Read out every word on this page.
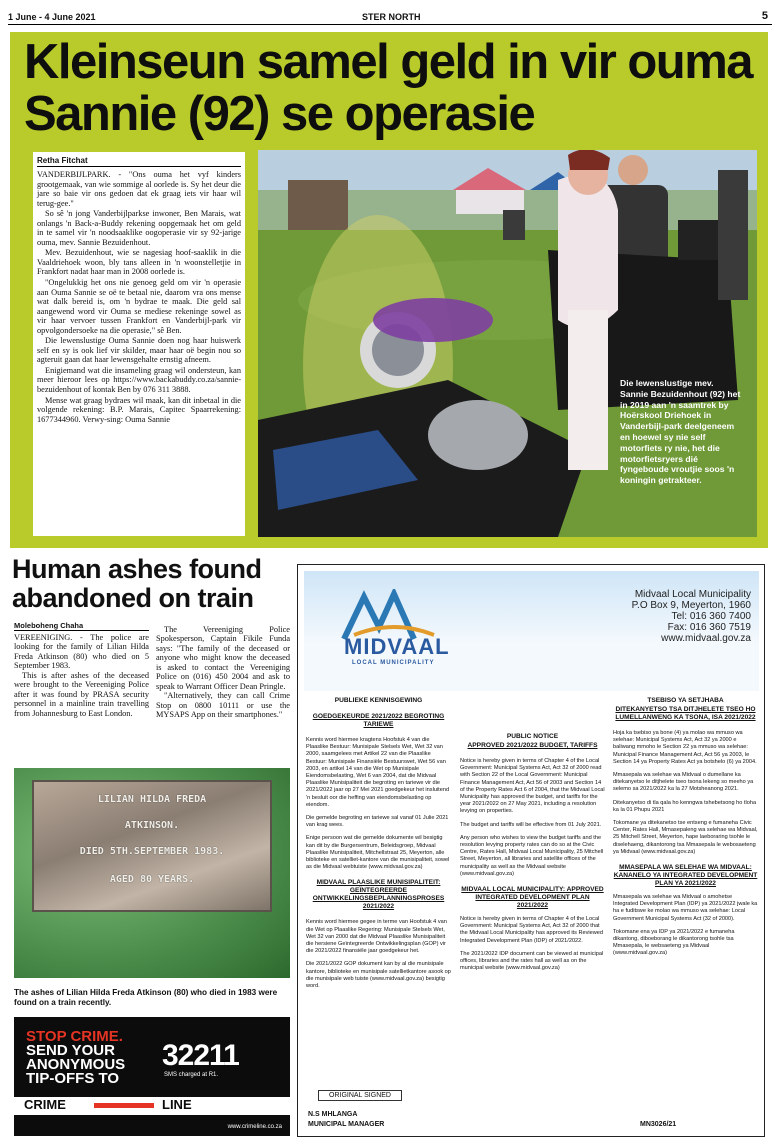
1 June - 4 June 2021	STER NORTH	5
Kleinseun samel geld in vir ouma Sannie (92) se operasie
Retha Fitchat

VANDERBIJLPARK. - "Ons ouma het vyf kinders grootgemaak, van wie sommige al oorlede is. Sy het deur die jare so baie vir ons gedoen dat ek graag iets vir haar wil terug-gee."

So sê 'n jong Vanderbijlparkse inwoner, Ben Marais, wat onlangs 'n Back-a-Buddy rekening oopgemaak het om geld in te samel vir 'n noodsaaklike oogoperasie vir sy 92-jarige ouma, mev. Sannie Bezuidenhout.

Mev. Bezuidenhout, wie se nagesiag hoof-saaklik in die Vaaldriehoek woon, bly tans alleen in 'n woonstelletjie in Frankfort nadat haar man in 2008 oorlede is.

"Ongelukkig het ons nie genoeg geld om vir 'n operasie aan Ouma Sannie se oë te betaal nie, daarom vra ons mense wat dalk bereid is, om 'n bydrae te maak. Die geld sal aangewend word vir Ouma se mediese rekeninge sowel as vir haar vervoer tussen Frankfort en Vanderbijl-park vir opvolgondersoeke na die operasie," sê Ben.

Die lewenslustige Ouma Sannie doen nog haar huiswerk self en sy is ook lief vir skilder, maar haar oë begin nou so agteruit gaan dat haar lewensgehalte ernstig afneem.

Enigiemand wat die insameling graag wil ondersteun, kan meer hieroor lees op https://www.backabuddy.co.za/sannie-bezuidenhout of kontak Ben by 076 311 3888.

Mense wat graag bydraes wil maak, kan dit inbetaal in die volgende rekening: B.P. Marais, Capitec Spaarrekening: 1677344960. Verwy-sing: Ouma Sannie

Die lewenslustige mev. Sannie Bezuidenhout (92) het in 2019 aan 'n saamtrek by Hoërskool Driehoek in Vanderbijl-park deelgeneem en hoewel sy nie self motorfiets ry nie, het die motorfietsryers dié fyngeboude vroutjie soos 'n koningin getrakteer.
Human ashes found abandoned on train
Moleboheng Chaha

VEREENIGING. - The police are looking for the family of Lilian Hilda Freda Atkinson (80) who died on 5 September 1983.

This is after ashes of the deceased were brought to the Vereeniging Police after it was found by PRASA security personnel in a mainline train travelling from Johannesburg to East London.

The Vereeniging Police Spokesperson, Captain Fikile Funda says: "The family of the deceased or anyone who might know the deceased is asked to contact the Vereeniging Police on (016) 450 2004 and ask to speak to Warrant Officer Dean Pringle.

"Alternatively, they can call Crime Stop on 0800 10111 or use the MYSAPS App on their smartphones."

LILIAN HILDA FREDA
ATKINSON.
DIED 5TH.SEPTEMBER 1983.
AGED 80 YEARS.
The ashes of Lilian Hilda Freda Atkinson (80) who died in 1983 were found on a train recently.
STOP CRIME.
SEND YOUR
ANONYMOUS
TIP-OFFS TO
32211
SMS charged at R1.
CRIME	LINE
www.crimeline.co.za
MIDVAAL
LOCAL MUNICIPALITY
Midvaal Local Municipality
P.O Box 9, Meyerton, 1960
Tel: 016 360 7400
Fax: 016 360 7519
www.midvaal.gov.za
PUBLIEKE KENNISGEWING
GOEDGEKEURDE 2021/2022 BEGROTING TARIEWE

Kennis word hiermee kragtens Hoofstuk 4 van die Plaaslike Bestuur: Munisipale Stelsels Wet, Wet 32 van 2000, saamgelees met Artikel 22 van die Plaaslike Bestuur: Munisipale Finansiële Bestuurswet, Wet 56 van 2003, en artikel 14 van die Wet op Munisipale Eiendomsbelasting, Wet 6 van 2004, dat die Midvaal Plaaslike Munisipaliteit die begroting en tariewe vir die 2021/2022 jaar op 27 Mei 2021 goedgekeur het insluitend 'n besluit oor die heffing van eiendomsbelasting op eiendom.

Die gemelde begroting en tariewe sal vanaf 01 Julie 2021 van krag wees.

Enige persoon wat die gemelde dokumente wil besigtig kan dit by die Burgersentrum, Beleidsgroep, Midvaal Plaaslike Munisipaliteit, Mitchellstraat 25, Meyerton, alle biblioteke en satelliet-kantore van die munisipaliteit, sowel as die Midvaal webtuiste (www.midvaal.gov.za)

MIDVAAL PLAASLIKE MUNISIPALITEIT: GEÏNTEGREERDE ONTWIKKELINGSBEPLANNINGSPROSES 2021/2022

Kennis word hiermee gegee in terme van Hoofstuk 4 van die Wet op Plaaslike Regering: Munisipale Stelsels Wet, Wet 32 van 2000 dat die Midvaal Plaaslike Munisipaliteit die hersiene Geïntegreerde Ontwikkelingsplan (GOP) vir die 2021/2022 finansiële jaar goedgekeur het.

Die 2021/2022 GOP dokument kan by al die munisipale kantore, biblioteke en munisipale satellietkantore asook op die munisipale web tuiste (www.midvaal.gov.za) besigtig word.

PUBLIC NOTICE
APPROVED 2021/2022 BUDGET, TARIFFS

Notice is hereby given in terms of Chapter 4 of the Local Government: Municipal Systems Act, Act 32 of 2000 read with Section 22 of the Local Government: Municipal Finance Management Act, Act 56 of 2003 and Section 14 of the Property Rates Act 6 of 2004, that the Midvaal Local Municipality has approved the budget, and tariffs for the year 2021/2022 on 27 May 2021, including a resolution levying on properties.

The budget and tariffs will be effective from 01 July 2021.

Any person who wishes to view the budget tariffs and the resolution levying property rates can do so at the Civic Centre, Rates Hall, Midvaal Local Municipality, 25 Mitchell Street, Meyerton, all libraries and satellite offices of the municipality as well as the Midvaal website (www.midvaal.gov.za)

MIDVAAL LOCAL MUNICIPALITY: APPROVED INTEGRATED DEVELOPMENT PLAN 2021/2022

Notice is hereby given in terms of Chapter 4 of the Local Government: Municipal Systems Act, Act 32 of 2000 that the Midvaal Local Municipality has approved its Reviewed Integrated Development Plan (IDP) of 2021/2022.

The 2021/2022 IDP document can be viewed at municipal offices, libraries and the rates hall as well as on the municipal website (www.midvaal.gov.za)

TSEBISO YA SETJHABA
DITEKANYETSO TSA DITJHELETE TSEO HO LUMELLANWENG KA TSONA, ISA 2021/2022

Hoja ka tsebiso ya bone (4) ya molao wa mmuso wa selehae: Municipal Systems Act, Act 32 ya 2000 e baliwang mmoho le Section 22 ya mmuso wa selehae: Municipal Finance Management Act, Act 56 ya 2003, le Section 14 ya Property Rates Act ya botshelo (6) ya 2004.

Mmasepala wa selehae wa Midvaal o dumellane ka ditekanyetso le ditjhelete tseo tsona lekeng so meeho ya selemo sa 2021/2022 ka la 27 Motsheanong 2021.

Ditekanyetso di tla qala ho kenngwa tshebetsong ho tloha ka la 01 Phupu 2021

Tokomane ya ditekanetso tse entseng e fumaneha Civic Center, Rates Hall, Mmasepaleng wa selehae wa Midvaal, 25 Mitchell Street, Meyerton, hape laeboraring tsohle le diselehaeng, dikantorong tsa Mmasepala le webosaeteng ya Midvaal (www.midvaal.gov.za)

MMASEPALA WA SELEHAE WA MIDVAAL: KANANELO YA INTEGRATED DEVELOPMENT PLAN YA 2021/2022

Mmasepala wa selehae wa Midvaal o amohetse Integrated Development Plan (IDP) ya 2021/2022 jwale ka ha e fuditswe ke molao wa mmuso wa selehae: Local Government Municipal Systems Act (32 of 2000).

Tokomane ena ya IDP ya 2021/2022 e fumaneha dikantong, diboeborang le dikantorong tsohle tsa Mmasepala, le websaeteng ya Midvaal (www.midvaal.gov.za)

ORIGINAL SIGNED
N.S MHLANGA
MUNICIPAL MANAGER	MN3026/21
